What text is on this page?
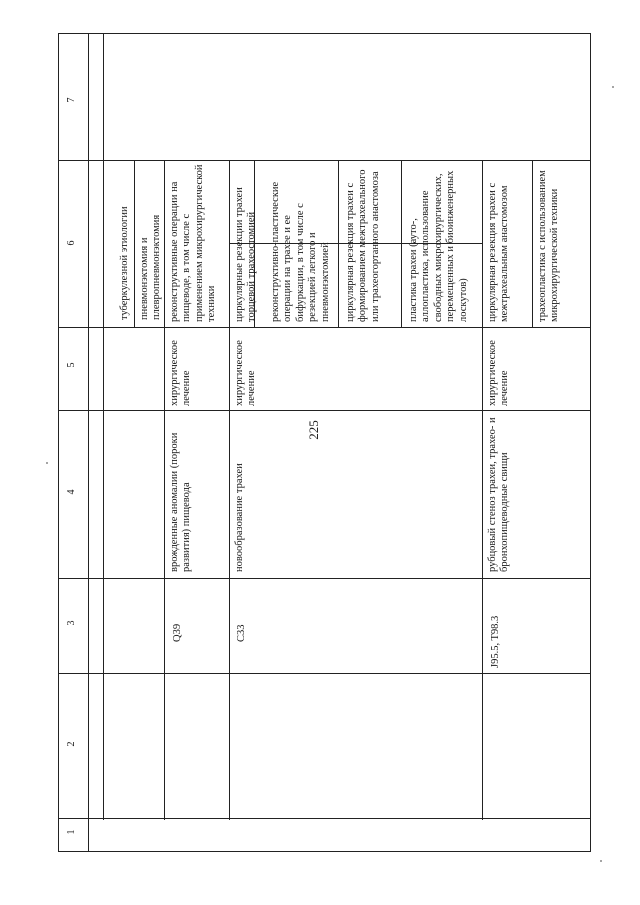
225
7
6
5
4
3
2
1
туберкулезной этиологии пневмонэктомия и плевропневмонэктомия
Q39
врожденные аномалии (пороки развития) пищевода
хирургическое лечение
реконструктивные операции на пищеводе, в том числе с применением микрохирургической техники
C33
новообразование трахеи
хирургическое лечение
циркулярные резекции трахеи торцевой трахеостомией реконструктивно-пластические операции на трахее и ее бифуркации, в том числе с резекцией легкого и пневмонэктомией циркулярная резекция трахеи с формированием межтрахеального или трахеогортанного анастомоза	пластика трахеи (ауто-, аллопластика, использование свободных микрохирургических, перемещенных и биоинженерных лоскутов)
J95.5, T98.3
рубцовый стеноз трахеи, трахео- и бронхопищеводные свищи
хирургическое лечение
циркулярная резекция трахеи с межтрахеальным анастомозом	трахеопластика с использованием микрохирургической техники
